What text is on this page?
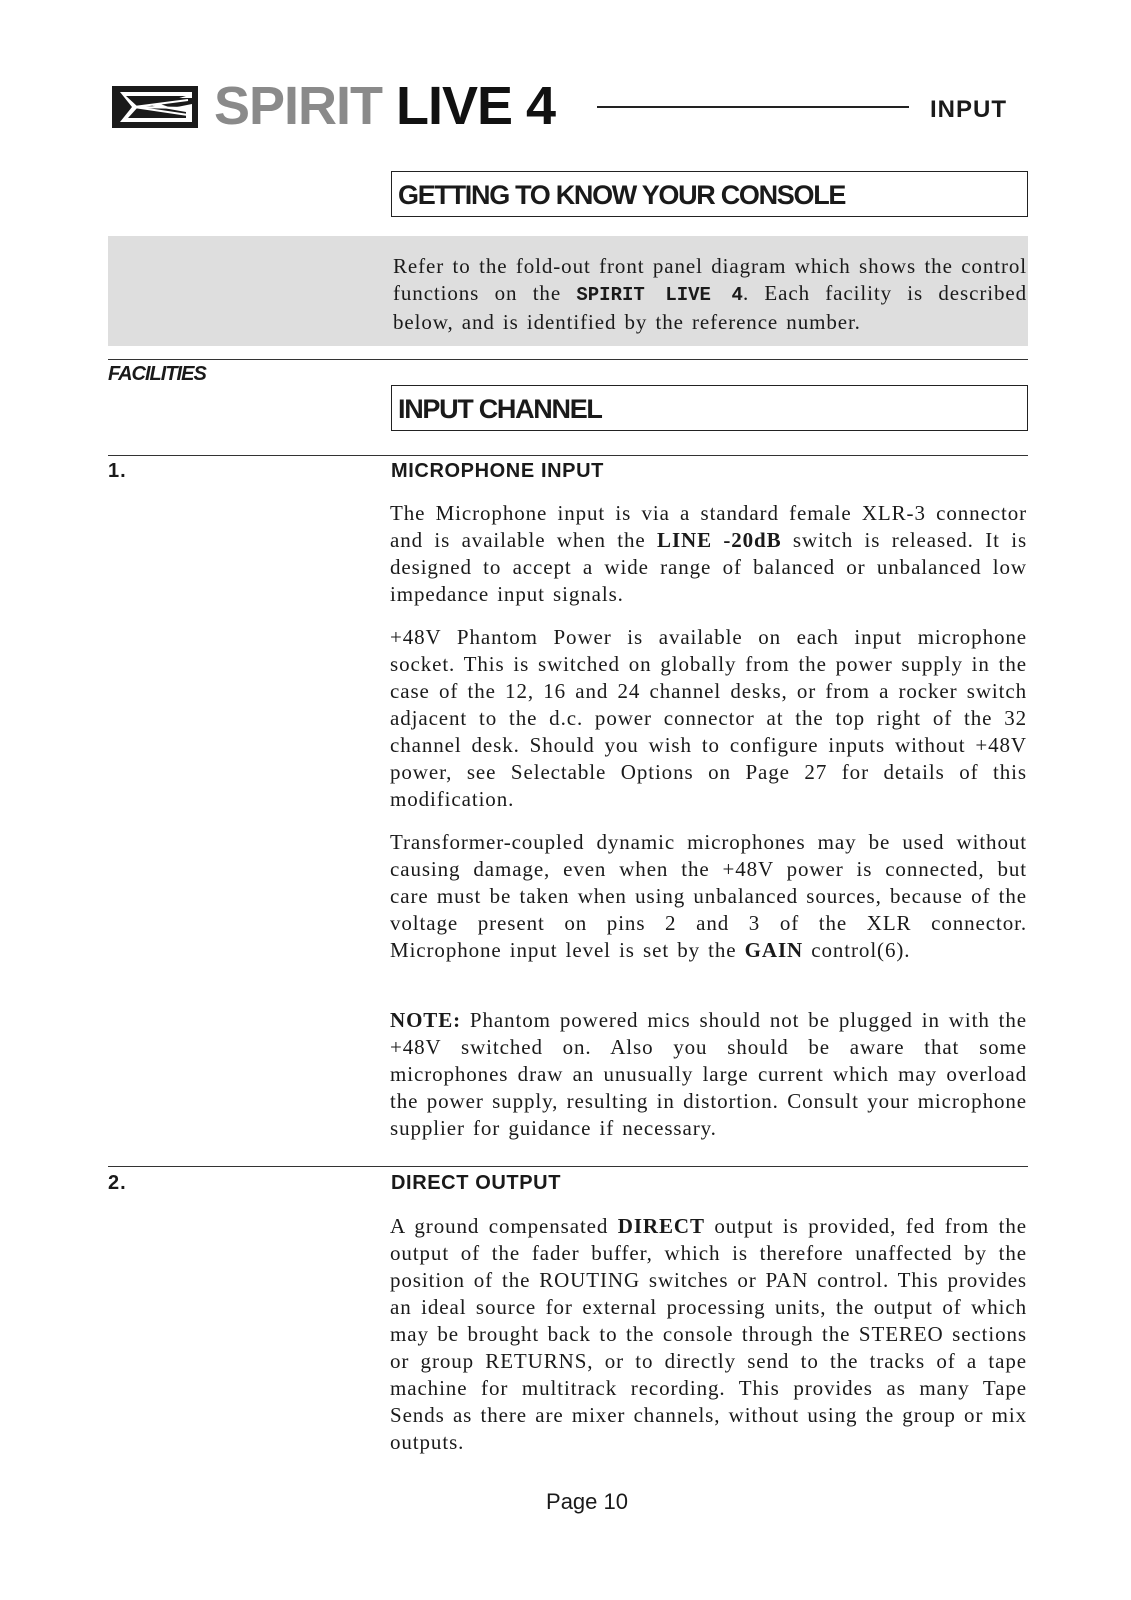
SPIRIT LIVE 4	INPUT
GETTING TO KNOW YOUR CONSOLE

Refer to the fold-out front panel diagram which shows the control functions on the SPIRIT LIVE 4. Each facility is described below, and is identified by the reference number.

FACILITIES
INPUT CHANNEL
1.	MICROPHONE INPUT

The Microphone input is via a standard female XLR-3 connector and is available when the LINE -20dB switch is released. It is designed to accept a wide range of balanced or unbalanced low impedance input signals.

+48V Phantom Power is available on each input microphone socket. This is switched on globally from the power supply in the case of the 12, 16 and 24 channel desks, or from a rocker switch adjacent to the d.c. power connector at the top right of the 32 channel desk. Should you wish to configure inputs without +48V power, see Selectable Options on Page 27 for details of this modification.

Transformer-coupled dynamic microphones may be used without causing damage, even when the +48V power is connected, but care must be taken when using unbalanced sources, because of the voltage present on pins 2 and 3 of the XLR connector. Microphone input level is set by the GAIN control(6).

NOTE: Phantom powered mics should not be plugged in with the +48V switched on. Also you should be aware that some microphones draw an unusually large current which may overload the power supply, resulting in distortion. Consult your microphone supplier for guidance if necessary.

2.	DIRECT OUTPUT

A ground compensated DIRECT output is provided, fed from the output of the fader buffer, which is therefore unaffected by the position of the ROUTING switches or PAN control. This provides an ideal source for external processing units, the output of which may be brought back to the console through the STEREO sections or group RETURNS, or to directly send to the tracks of a tape machine for multitrack recording. This provides as many Tape Sends as there are mixer channels, without using the group or mix outputs.

Page 10
